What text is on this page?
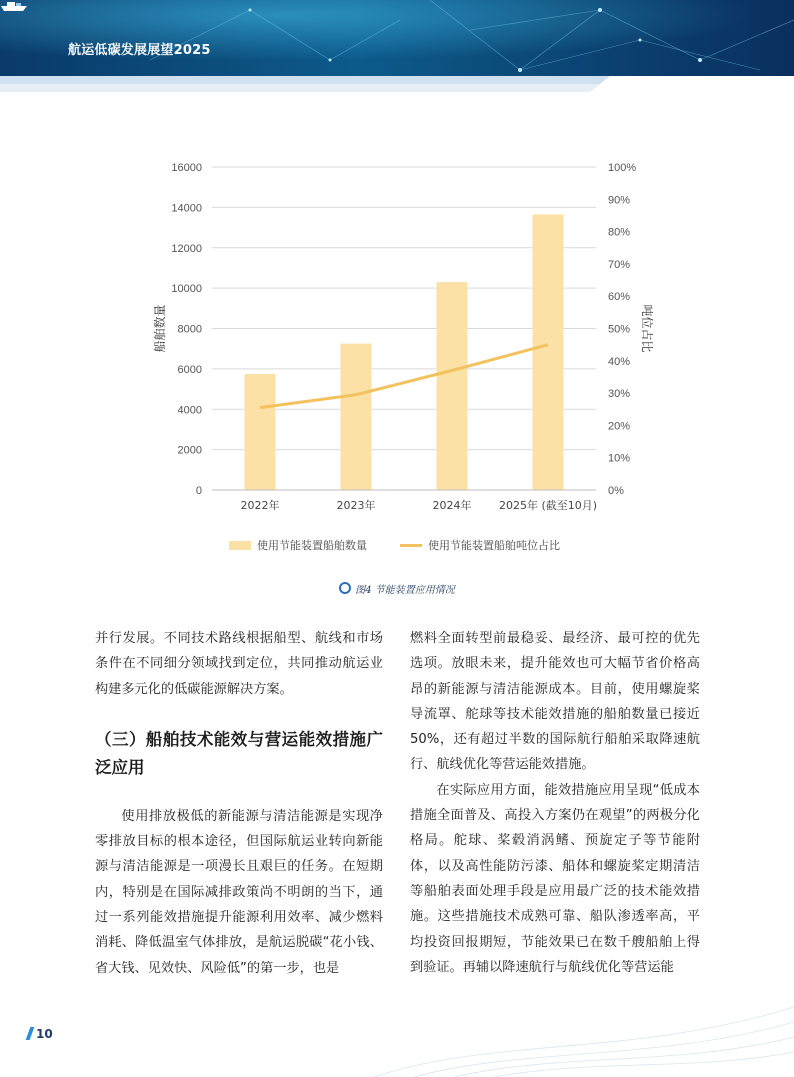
航运低碳发展展望2025
0
2000
4000
6000
8000
10000
12000
14000
16000
0%
10%
20%
30%
40%
50%
60%
70%
80%
90%
100%
船舶数量	吨位占比
2022年	2023年	2024年 2025年 (截至10月)
使用节能装置船舶数量	使用节能装置船舶吨位占比
图4 节能装置应用情况

并行发展。不同技术路线根据船型、航线和市场条件在不同细分领域找到定位，共同推动航运业构建多元化的低碳能源解决方案。

（三）船舶技术能效与营运能效措施广泛应用

使用排放极低的新能源与清洁能源是实现净零排放目标的根本途径，但国际航运业转向新能源与清洁能源是一项漫长且艰巨的任务。在短期内，特别是在国际减排政策尚不明朗的当下，通过一系列能效措施提升能源利用效率、减少燃料消耗、降低温室气体排放，是航运脱碳“花小钱、省大钱、见效快、风险低”的第一步，也是

燃料全面转型前最稳妥、最经济、最可控的优先选项。放眼未来，提升能效也可大幅节省价格高昂的新能源与清洁能源成本。目前，使用螺旋桨导流罩、舵球等技术能效措施的船舶数量已接近50%，还有超过半数的国际航行船舶采取降速航行、航线优化等营运能效措施。

在实际应用方面，能效措施应用呈现“低成本措施全面普及、高投入方案仍在观望”的两极分化格局。舵球、桨毂消涡鳍、预旋定子等节能附体，以及高性能防污漆、船体和螺旋桨定期清洁等船舶表面处理手段是应用最广泛的技术能效措施。这些措施技术成熟可靠、船队渗透率高，平均投资回报期短，节能效果已在数千艘船舶上得到验证。再辅以降速航行与航线优化等营运能

10
